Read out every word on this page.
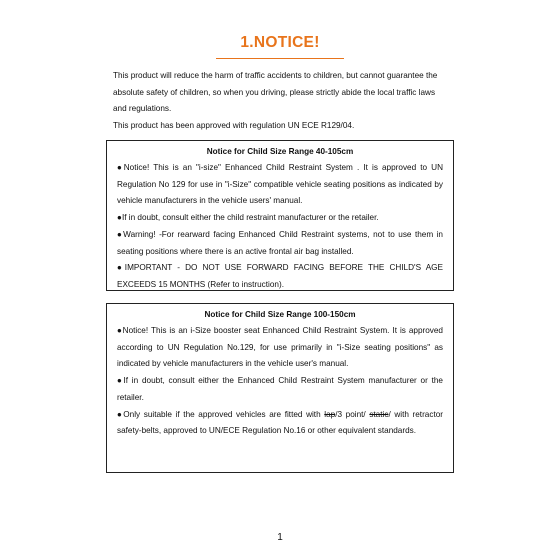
1.NOTICE!

This product will reduce the harm of traffic accidents to children, but cannot guarantee the absolute safety of children, so when you driving, please strictly abide the local traffic laws and regulations.

This product has been approved with regulation UN ECE R129/04.

Notice for Child Size Range 40-105cm

●Notice! This is an "i-size" Enhanced Child Restraint System . It is approved to UN Regulation No 129 for use in "i-Size" compatible vehicle seating positions as indicated by vehicle manufacturers in the vehicle users' manual.

●If in doubt, consult either the child restraint manufacturer or the retailer.

●Warning! -For rearward facing Enhanced Child Restraint systems, not to use them in seating positions where there is an active frontal air bag installed.

●IMPORTANT - DO NOT USE FORWARD FACING BEFORE THE CHILD'S AGE EXCEEDS 15 MONTHS (Refer to instruction).

Notice for Child Size Range 100-150cm

●Notice! This is an i-Size booster seat Enhanced Child Restraint System. It is approved according to UN Regulation No.129, for use primarily in "i-Size seating positions" as indicated by vehicle manufacturers in the vehicle user's manual.

●If in doubt, consult either the Enhanced Child Restraint System manufacturer or the retailer.

●Only suitable if the approved vehicles are fitted with lap/3 point/ static/ with retractor safety-belts, approved to UN/ECE Regulation No.16 or other equivalent standards.

1
